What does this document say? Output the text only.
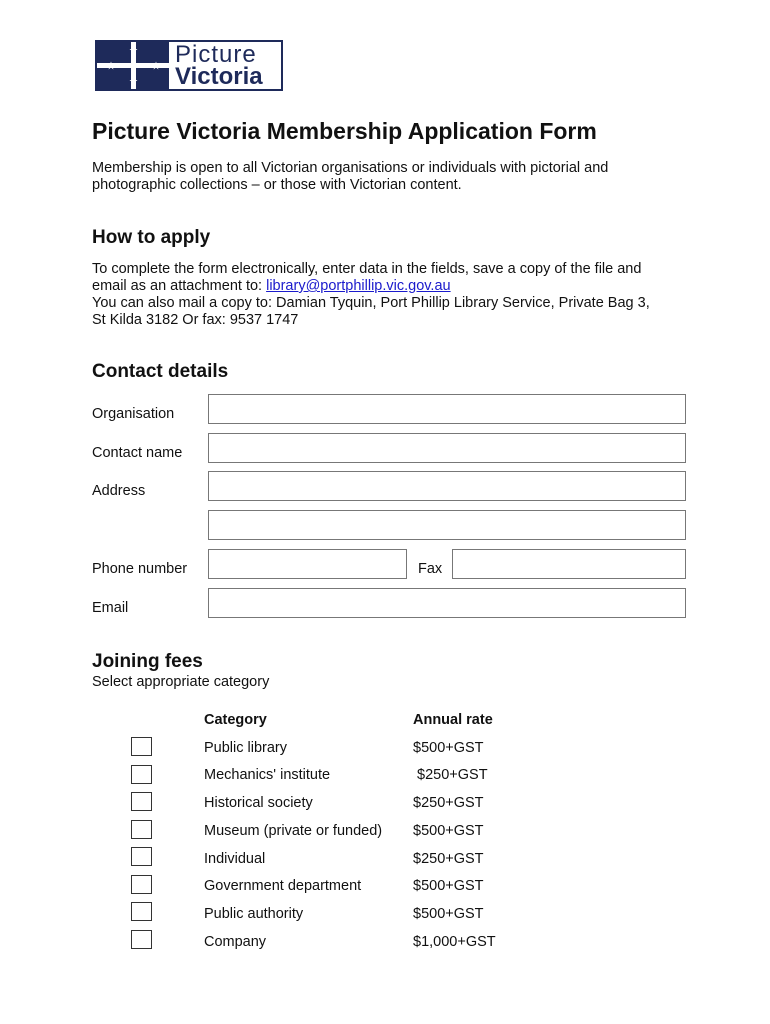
Picture
Victoria
Picture Victoria Membership Application Form

Membership is open to all Victorian organisations or individuals with pictorial and

photographic collections – or those with Victorian content.

How to apply

To complete the form electronically, enter data in the fields, save a copy of the file and

email as an attachment to: library@portphillip.vic.gov.au

You can also mail a copy to: Damian Tyquin, Port Phillip Library Service, Private Bag 3,

St Kilda 3182 Or fax: 9537 1747

Contact details
Organisation
Contact name
Address
Phone number	Fax
Email
Joining fees
Select appropriate category
Category	Annual rate
Public library	$500+GST
Mechanics' institute	$250+GST
Historical society	$250+GST
Museum (private or funded) $500+GST
Individual	$250+GST
Government department	$500+GST
Public authority	$500+GST
Company	$1,000+GST
